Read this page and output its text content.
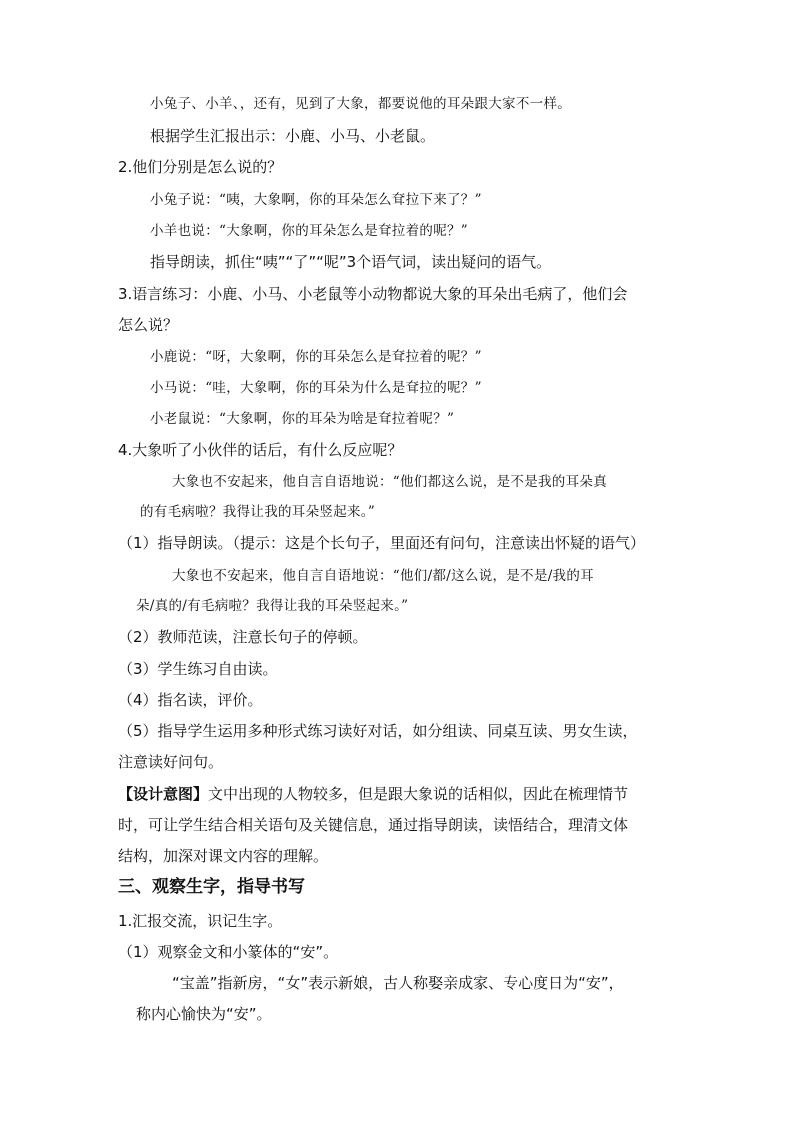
小兔子、小羊、，还有，见到了大象，都要说他的耳朵跟大家不一样。
根据学生汇报出示：小鹿、小马、小老鼠。
2.他们分别是怎么说的？
小兔子说：“咦，大象啊，你的耳朵怎么耷拉下来了？”
小羊也说：“大象啊，你的耳朵怎么是耷拉着的呢？”
指导朗读，抓住“咦”“了”“呢”3个语气词，读出疑问的语气。
3.语言练习：小鹿、小马、小老鼠等小动物都说大象的耳朵出毛病了，他们会
怎么说？
小鹿说：“呀，大象啊，你的耳朵怎么是耷拉着的呢？”
小马说：“哇，大象啊，你的耳朵为什么是耷拉的呢？”
小老鼠说：“大象啊，你的耳朵为啥是耷拉着呢？”
4.大象听了小伙伴的话后，有什么反应呢？
大象也不安起来，他自言自语地说：“他们都这么说，是不是我的耳朵真
的有毛病啦？我得让我的耳朵竖起来。”
（1）指导朗读。（提示：这是个长句子，里面还有问句，注意读出怀疑的语气）
大象也不安起来，他自言自语地说：“他们/都/这么说，是不是/我的耳
朵/真的/有毛病啦？我得让我的耳朵竖起来。”
（2）教师范读，注意长句子的停顿。
（3）学生练习自由读。
（4）指名读，评价。
（5）指导学生运用多种形式练习读好对话，如分组读、同桌互读、男女生读，
注意读好问句。
【设计意图】文中出现的人物较多，但是跟大象说的话相似，因此在梳理情节
时，可让学生结合相关语句及关键信息，通过指导朗读，读悟结合，理清文体
结构，加深对课文内容的理解。
三、观察生字，指导书写
1.汇报交流，识记生字。
（1）观察金文和小篆体的“安”。
“宝盖”指新房，“女”表示新娘，古人称娶亲成家、专心度日为“安”，
称内心愉快为“安”。
